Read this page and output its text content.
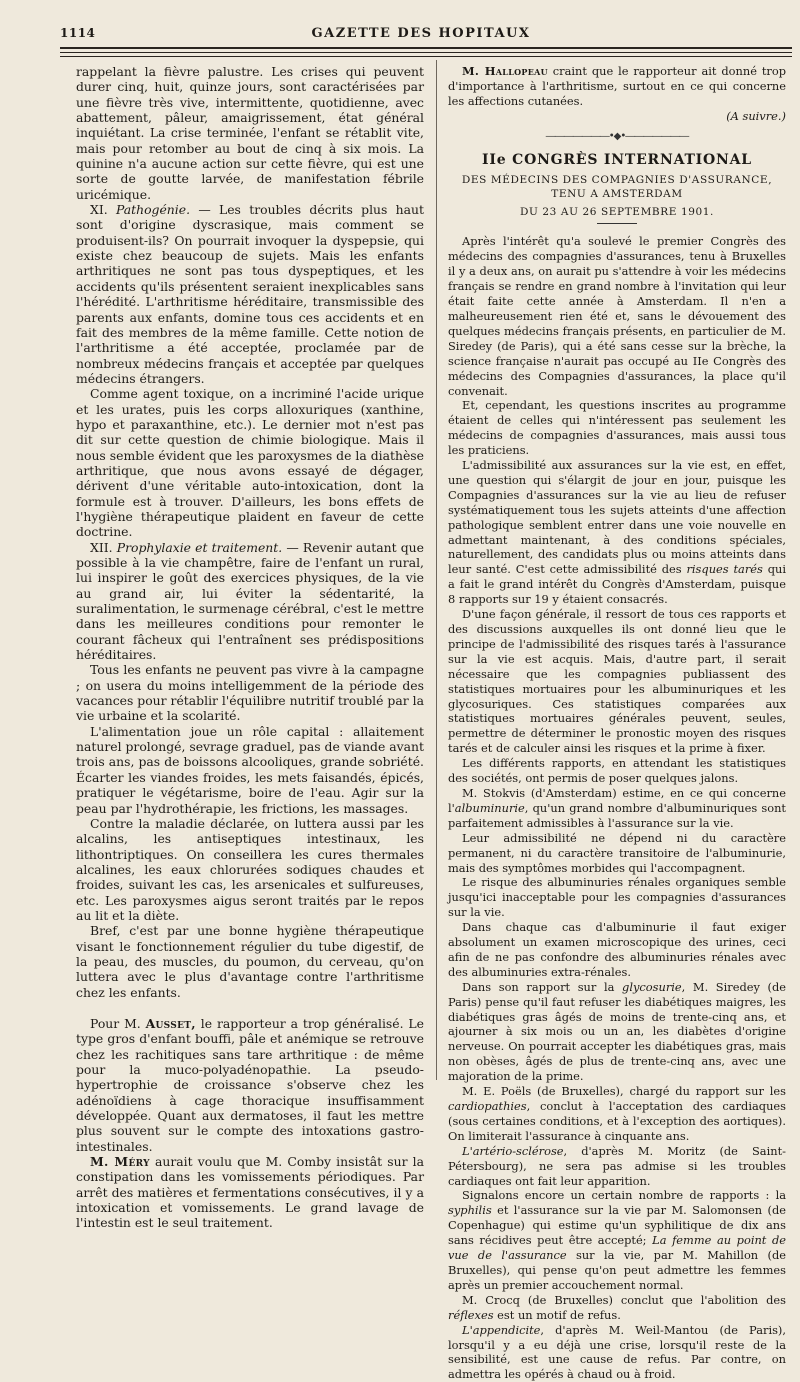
1114	GAZETTE DES HOPITAUX

rappelant la fièvre palustre. Les crises qui peuvent durer cinq, huit, quinze jours, sont caractérisées par une fièvre très vive, intermittente, quotidienne, avec abattement, pâleur, amaigrissement, état général inquiétant. La crise terminée, l'enfant se rétablit vite, mais pour retomber au bout de cinq à six mois. La quinine n'a aucune action sur cette fièvre, qui est une sorte de goutte larvée, de manifestation fébrile uricémique.

XI. Pathogénie. — Les troubles décrits plus haut sont d'origine dyscrasique, mais comment se produisent-ils? On pourrait invoquer la dyspepsie, qui existe chez beaucoup de sujets. Mais les enfants arthritiques ne sont pas tous dyspeptiques, et les accidents qu'ils présentent seraient inexplicables sans l'hérédité. L'arthritisme héréditaire, transmissible des parents aux enfants, domine tous ces accidents et en fait des membres de la même famille. Cette notion de l'arthritisme a été acceptée, proclamée par de nombreux médecins français et acceptée par quelques médecins étrangers.

Comme agent toxique, on a incriminé l'acide urique et les urates, puis les corps alloxuriques (xanthine, hypo et paraxanthine, etc.). Le dernier mot n'est pas dit sur cette question de chimie biologique. Mais il nous semble évident que les paroxysmes de la diathèse arthritique, que nous avons essayé de dégager, dérivent d'une véritable auto-intoxication, dont la formule est à trouver. D'ailleurs, les bons effets de l'hygiène thérapeutique plaident en faveur de cette doctrine.

XII. Prophylaxie et traitement. — Revenir autant que possible à la vie champêtre, faire de l'enfant un rural, lui inspirer le goût des exercices physiques, de la vie au grand air, lui éviter la sédentarité, la suralimentation, le surmenage cérébral, c'est le mettre dans les meilleures conditions pour remonter le courant fâcheux qui l'entraînent ses prédispositions héréditaires.

Tous les enfants ne peuvent pas vivre à la campagne ; on usera du moins intelligemment de la période des vacances pour rétablir l'équilibre nutritif troublé par la vie urbaine et la scolarité.

L'alimentation joue un rôle capital : allaitement naturel prolongé, sevrage graduel, pas de viande avant trois ans, pas de boissons alcooliques, grande sobriété. Écarter les viandes froides, les mets faisandés, épicés, pratiquer le végétarisme, boire de l'eau. Agir sur la peau par l'hydrothérapie, les frictions, les massages.

Contre la maladie déclarée, on luttera aussi par les alcalins, les antiseptiques intestinaux, les lithontriptiques. On conseillera les cures thermales alcalines, les eaux chlorurées sodiques chaudes et froides, suivant les cas, les arsenicales et sulfureuses, etc. Les paroxysmes aigus seront traités par le repos au lit et la diète.

Bref, c'est par une bonne hygiène thérapeutique visant le fonctionnement régulier du tube digestif, de la peau, des muscles, du poumon, du cerveau, qu'on luttera avec le plus d'avantage contre l'arthritisme chez les enfants.

Pour M. Ausset, le rapporteur a trop généralisé. Le type gros d'enfant bouffi, pâle et anémique se retrouve chez les rachitiques sans tare arthritique : de même pour la muco-polyadénopathie. La pseudo-hypertrophie de croissance s'observe chez les adénoïdiens à cage thoracique insuffisamment développée. Quant aux dermatoses, il faut les mettre plus souvent sur le compte des intoxations gastro-intestinales.

M. Méry aurait voulu que M. Comby insistât sur la constipation dans les vomissements périodiques. Par arrêt des matières et fermentations consécutives, il y a intoxication et vomissements. Le grand lavage de l'intestin est le seul traitement.

M. Hallopeau craint que le rapporteur ait donné trop d'importance à l'arthritisme, surtout en ce qui concerne les affections cutanées.

(A suivre.)

―――――――•◆•―――――――
IIe CONGRÈS INTERNATIONAL
DES MÉDECINS DES COMPAGNIES D'ASSURANCE, TENU A AMSTERDAM
DU 23 AU 26 SEPTEMBRE 1901.

Après l'intérêt qu'a soulevé le premier Congrès des médecins des compagnies d'assurances, tenu à Bruxelles il y a deux ans, on aurait pu s'attendre à voir les médecins français se rendre en grand nombre à l'invitation qui leur était faite cette année à Amsterdam. Il n'en a malheureusement rien été et, sans le dévouement des quelques médecins français présents, en particulier de M. Siredey (de Paris), qui a été sans cesse sur la brèche, la science française n'aurait pas occupé au IIe Congrès des médecins des Compagnies d'assurances, la place qu'il convenait.

Et, cependant, les questions inscrites au programme étaient de celles qui n'intéressent pas seulement les médecins de compagnies d'assurances, mais aussi tous les praticiens.

L'admissibilité aux assurances sur la vie est, en effet, une question qui s'élargit de jour en jour, puisque les Compagnies d'assurances sur la vie au lieu de refuser systématiquement tous les sujets atteints d'une affection pathologique semblent entrer dans une voie nouvelle en admettant maintenant, à des conditions spéciales, naturellement, des candidats plus ou moins atteints dans leur santé. C'est cette admissibilité des risques tarés qui a fait le grand intérêt du Congrès d'Amsterdam, puisque 8 rapports sur 19 y étaient consacrés.

D'une façon générale, il ressort de tous ces rapports et des discussions auxquelles ils ont donné lieu que le principe de l'admissibilité des risques tarés à l'assurance sur la vie est acquis. Mais, d'autre part, il serait nécessaire que les compagnies publiassent des statistiques mortuaires pour les albuminuriques et les glycosuriques. Ces statistiques comparées aux statistiques mortuaires générales peuvent, seules, permettre de déterminer le pronostic moyen des risques tarés et de calculer ainsi les risques et la prime à fixer.

Les différents rapports, en attendant les statistiques des sociétés, ont permis de poser quelques jalons.

M. Stokvis (d'Amsterdam) estime, en ce qui concerne l'albuminurie, qu'un grand nombre d'albuminuriques sont parfaitement admissibles à l'assurance sur la vie.

Leur admissibilité ne dépend ni du caractère permanent, ni du caractère transitoire de l'albuminurie, mais des symptômes morbides qui l'accompagnent.

Le risque des albuminuries rénales organiques semble jusqu'ici inacceptable pour les compagnies d'assurances sur la vie.

Dans chaque cas d'albuminurie il faut exiger absolument un examen microscopique des urines, ceci afin de ne pas confondre des albuminuries rénales avec des albuminuries extra-rénales.

Dans son rapport sur la glycosurie, M. Siredey (de Paris) pense qu'il faut refuser les diabétiques maigres, les diabétiques gras âgés de moins de trente-cinq ans, et ajourner à six mois ou un an, les diabètes d'origine nerveuse. On pourrait accepter les diabétiques gras, mais non obèses, âgés de plus de trente-cinq ans, avec une majoration de la prime.

M. E. Poëls (de Bruxelles), chargé du rapport sur les cardiopathies, conclut à l'acceptation des cardiaques (sous certaines conditions, et à l'exception des aortiques). On limiterait l'assurance à cinquante ans.

L'artério-sclérose, d'après M. Moritz (de Saint-Pétersbourg), ne sera pas admise si les troubles cardiaques ont fait leur apparition.

Signalons encore un certain nombre de rapports : la syphilis et l'assurance sur la vie par M. Salomonsen (de Copenhague) qui estime qu'un syphilitique de dix ans sans récidives peut être accepté; La femme au point de vue de l'assurance sur la vie, par M. Mahillon (de Bruxelles), qui pense qu'on peut admettre les femmes après un premier accouchement normal.

M. Crocq (de Bruxelles) conclut que l'abolition des réflexes est un motif de refus.

L'appendicite, d'après M. Weil-Mantou (de Paris), lorsqu'il y a eu déjà une crise, lorsqu'il reste de la sensibilité, est une cause de refus. Par contre, on admettra les opérés à chaud ou à froid.
